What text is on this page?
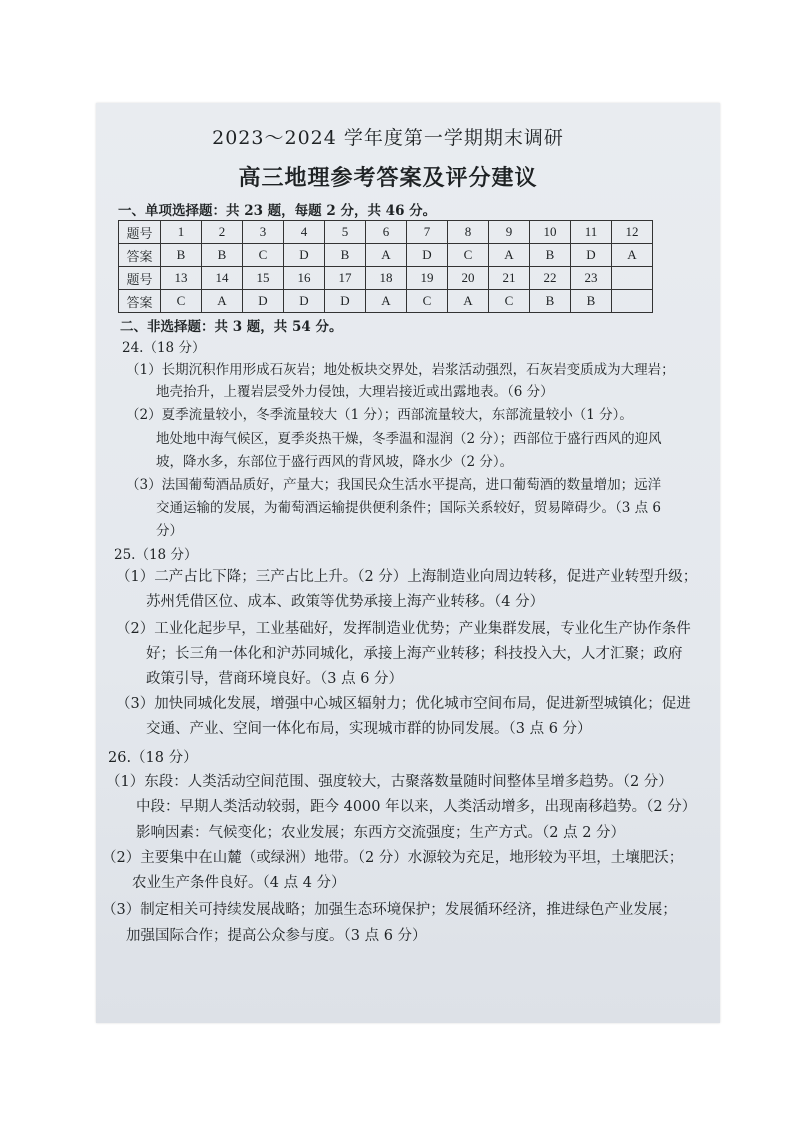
2023～2024 学年度第一学期期末调研
高三地理参考答案及评分建议
一、单项选择题：共 23 题，每题 2 分，共 46 分。
题号	1	2	3	4	5	6	7	8	9	10	11	12
答案	B	B	C	D	B	A	D	C	A	B	D	A
题号	13	14	15	16	17	18	19	20	21	22	23	
答案	C	A	D	D	D	A	C	A	C	B	B	
二、非选择题：共 3 题，共 54 分。
24.（18 分）
（1）长期沉积作用形成石灰岩；地处板块交界处，岩浆活动强烈，石灰岩变质成为大理岩；
地壳抬升，上覆岩层受外力侵蚀，大理岩接近或出露地表。（6 分）
（2）夏季流量较小，冬季流量较大（1 分）；西部流量较大，东部流量较小（1 分）。
地处地中海气候区，夏季炎热干燥，冬季温和湿润（2 分）；西部位于盛行西风的迎风
坡，降水多，东部位于盛行西风的背风坡，降水少（2 分）。
（3）法国葡萄酒品质好，产量大；我国民众生活水平提高，进口葡萄酒的数量增加；远洋
交通运输的发展，为葡萄酒运输提供便利条件；国际关系较好，贸易障碍少。（3 点 6
分）
25.（18 分）
（1）二产占比下降；三产占比上升。（2 分）上海制造业向周边转移，促进产业转型升级；
苏州凭借区位、成本、政策等优势承接上海产业转移。（4 分）
（2）工业化起步早，工业基础好，发挥制造业优势；产业集群发展，专业化生产协作条件
好；长三角一体化和沪苏同城化，承接上海产业转移；科技投入大，人才汇聚；政府
政策引导，营商环境良好。（3 点 6 分）
（3）加快同城化发展，增强中心城区辐射力；优化城市空间布局，促进新型城镇化；促进
交通、产业、空间一体化布局，实现城市群的协同发展。（3 点 6 分）
26.（18 分）
（1）东段：人类活动空间范围、强度较大，古聚落数量随时间整体呈增多趋势。（2 分）
中段：早期人类活动较弱，距今 4000 年以来，人类活动增多，出现南移趋势。（2 分）
影响因素：气候变化；农业发展；东西方交流强度；生产方式。（2 点 2 分）
（2）主要集中在山麓（或绿洲）地带。（2 分）水源较为充足，地形较为平坦，土壤肥沃；
农业生产条件良好。（4 点 4 分）
（3）制定相关可持续发展战略；加强生态环境保护；发展循环经济，推进绿色产业发展；
加强国际合作；提高公众参与度。（3 点 6 分）
